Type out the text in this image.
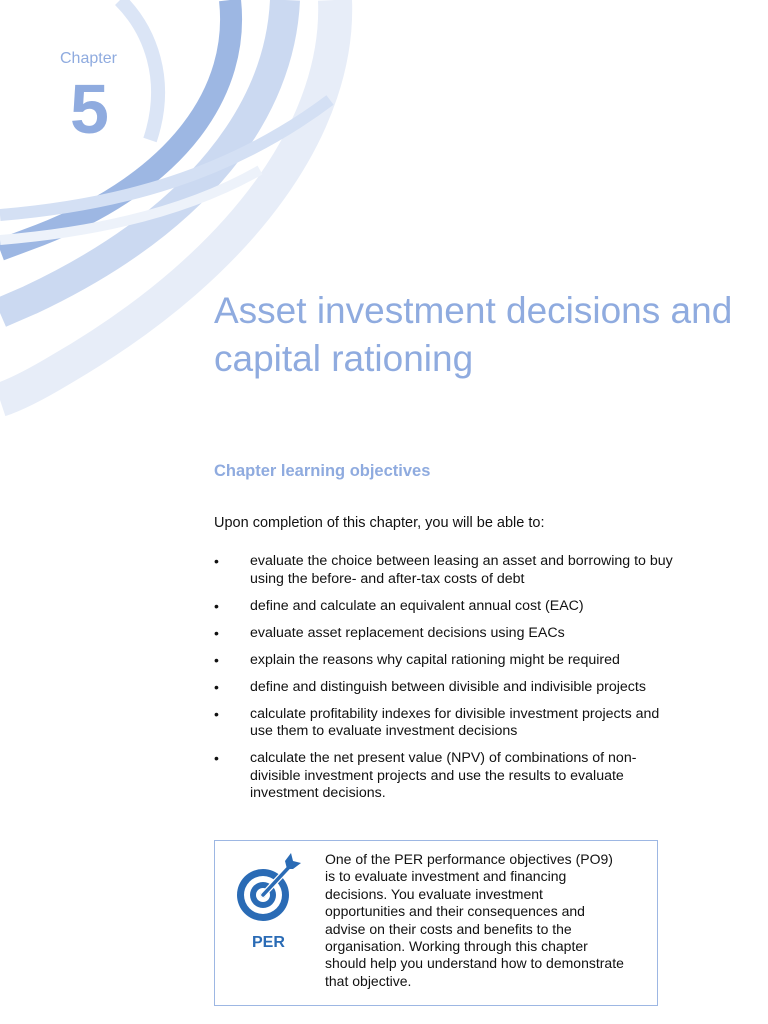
Chapter
5
Asset investment decisions and capital rationing
Chapter learning objectives

Upon completion of this chapter, you will be able to:

• evaluate the choice between leasing an asset and borrowing to buy using the before- and after-tax costs of debt
• define and calculate an equivalent annual cost (EAC)
• evaluate asset replacement decisions using EACs
• explain the reasons why capital rationing might be required
• define and distinguish between divisible and indivisible projects
• calculate profitability indexes for divisible investment projects and use them to evaluate investment decisions
• calculate the net present value (NPV) of combinations of non-divisible investment projects and use the results to evaluate investment decisions.
PER

One of the PER performance objectives (PO9) is to evaluate investment and financing decisions. You evaluate investment opportunities and their consequences and advise on their costs and benefits to the organisation. Working through this chapter should help you understand how to demonstrate that objective.
